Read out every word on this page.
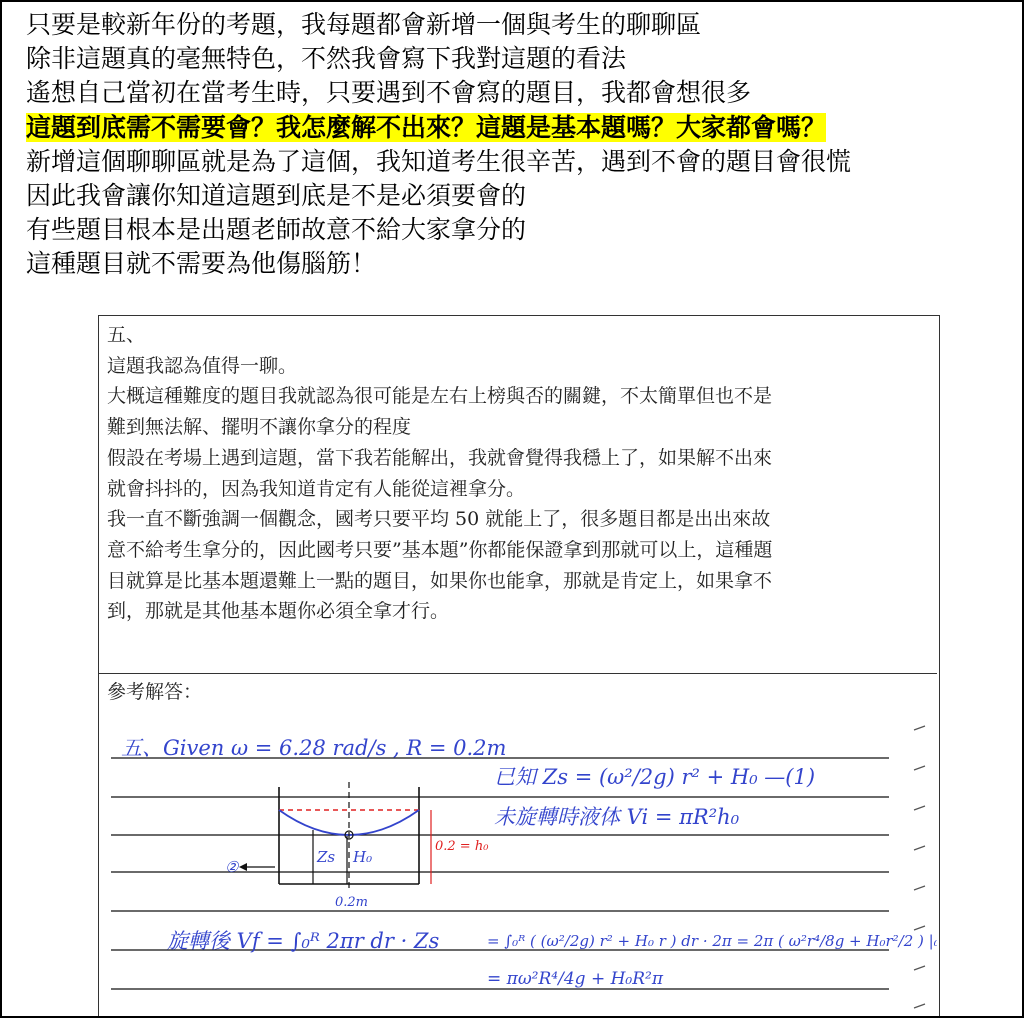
只要是較新年份的考題，我每題都會新增一個與考生的聊聊區
除非這題真的毫無特色，不然我會寫下我對這題的看法
遙想自己當初在當考生時，只要遇到不會寫的題目，我都會想很多
這題到底需不需要會？我怎麼解不出來？這題是基本題嗎？大家都會嗎？
新增這個聊聊區就是為了這個，我知道考生很辛苦，遇到不會的題目會很慌
因此我會讓你知道這題到底是不是必須要會的
有些題目根本是出題老師故意不給大家拿分的
這種題目就不需要為他傷腦筋！
五、
這題我認為值得一聊。
大概這種難度的題目我就認為很可能是左右上榜與否的關鍵，不太簡單但也不是
難到無法解、擺明不讓你拿分的程度
假設在考場上遇到這題，當下我若能解出，我就會覺得我穩上了，如果解不出來
就會抖抖的，因為我知道肯定有人能從這裡拿分。
我一直不斷強調一個觀念，國考只要平均 50 就能上了，很多題目都是出出來故
意不給考生拿分的，因此國考只要”基本題”你都能保證拿到那就可以上，這種題
目就算是比基本題還難上一點的題目，如果你也能拿，那就是肯定上，如果拿不
到，那就是其他基本題你必須全拿才行。
參考解答：
五、Given ω = 6.28 rad/s , R = 0.2m
已知 Zs = (ω²/2g) r² + H₀ —(1)
未旋轉時液体 Vi = πR²h₀
②
Zs H₀
0.2 = h₀
0.2m
旋轉後 Vf = ∫₀ᴿ 2πr dr · Zs	= ∫₀ᴿ ( (ω²/2g) r² + H₀ r ) dr · 2π = 2π ( ω²r⁴/8g + H₀r²/2 ) |₀ᴿ
= πω²R⁴/4g + H₀R²π
